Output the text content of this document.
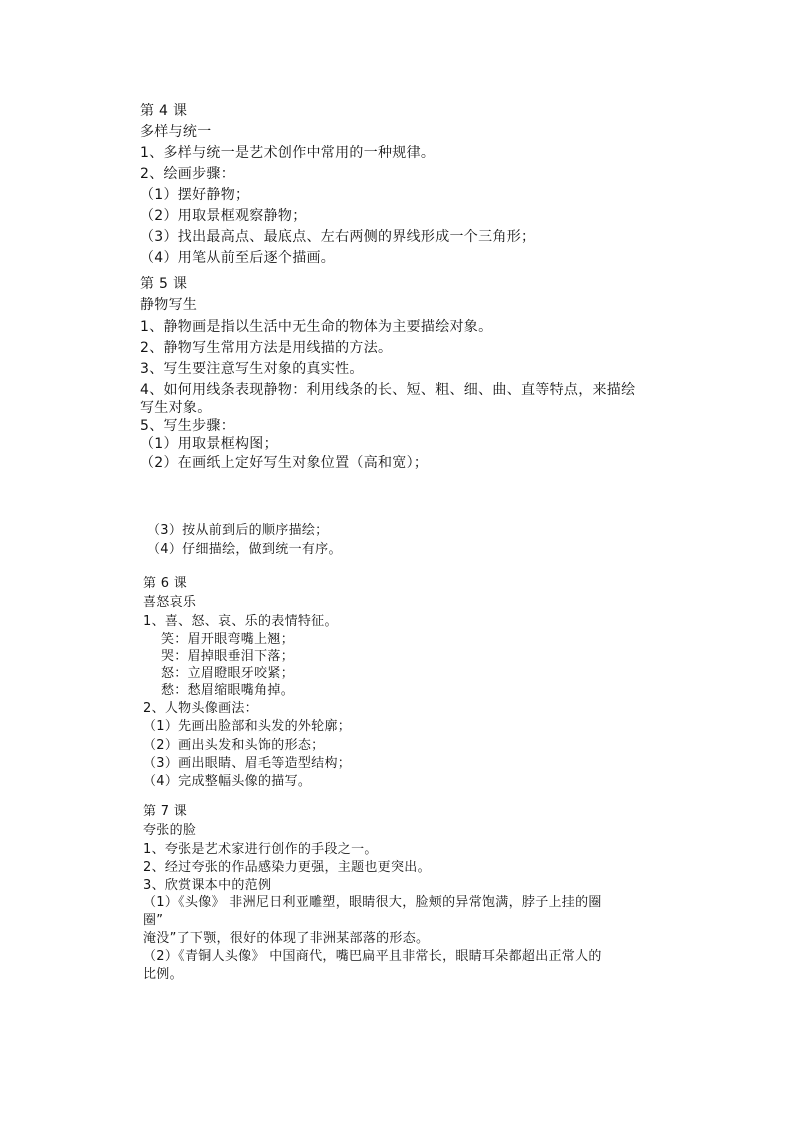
第 4 课
多样与统一
1、多样与统一是艺术创作中常用的一种规律。
2、绘画步骤：
（1）摆好静物；
（2）用取景框观察静物；
（3）找出最高点、最底点、左右两侧的界线形成一个三角形；
（4）用笔从前至后逐个描画。
第 5 课
静物写生
1、静物画是指以生活中无生命的物体为主要描绘对象。
2、静物写生常用方法是用线描的方法。
3、写生要注意写生对象的真实性。
4、如何用线条表现静物：利用线条的长、短、粗、细、曲、直等特点，来描绘
写生对象。
5、写生步骤：
（1）用取景框构图；
（2）在画纸上定好写生对象位置（高和宽）；
（3）按从前到后的顺序描绘；
（4）仔细描绘，做到统一有序。
第 6 课
喜怒哀乐
1、喜、怒、哀、乐的表情特征。
笑：眉开眼弯嘴上翘；
哭：眉掉眼垂泪下落；
怒：立眉瞪眼牙咬紧；
愁：愁眉缩眼嘴角掉。
2、人物头像画法：
（1）先画出脸部和头发的外轮廓；
（2）画出头发和头饰的形态；
（3）画出眼睛、眉毛等造型结构；
（4）完成整幅头像的描写。
第 7 课
夸张的脸
1、夸张是艺术家进行创作的手段之一。
2、经过夸张的作品感染力更强，主题也更突出。
3、欣赏课本中的范例
（1）《头像》 非洲尼日利亚雕塑，眼睛很大，脸颊的异常饱满，脖子上挂的圈
圈”
淹没”了下颚，很好的体现了非洲某部落的形态。
（2）《青铜人头像》 中国商代，嘴巴扁平且非常长，眼睛耳朵都超出正常人的
比例。
